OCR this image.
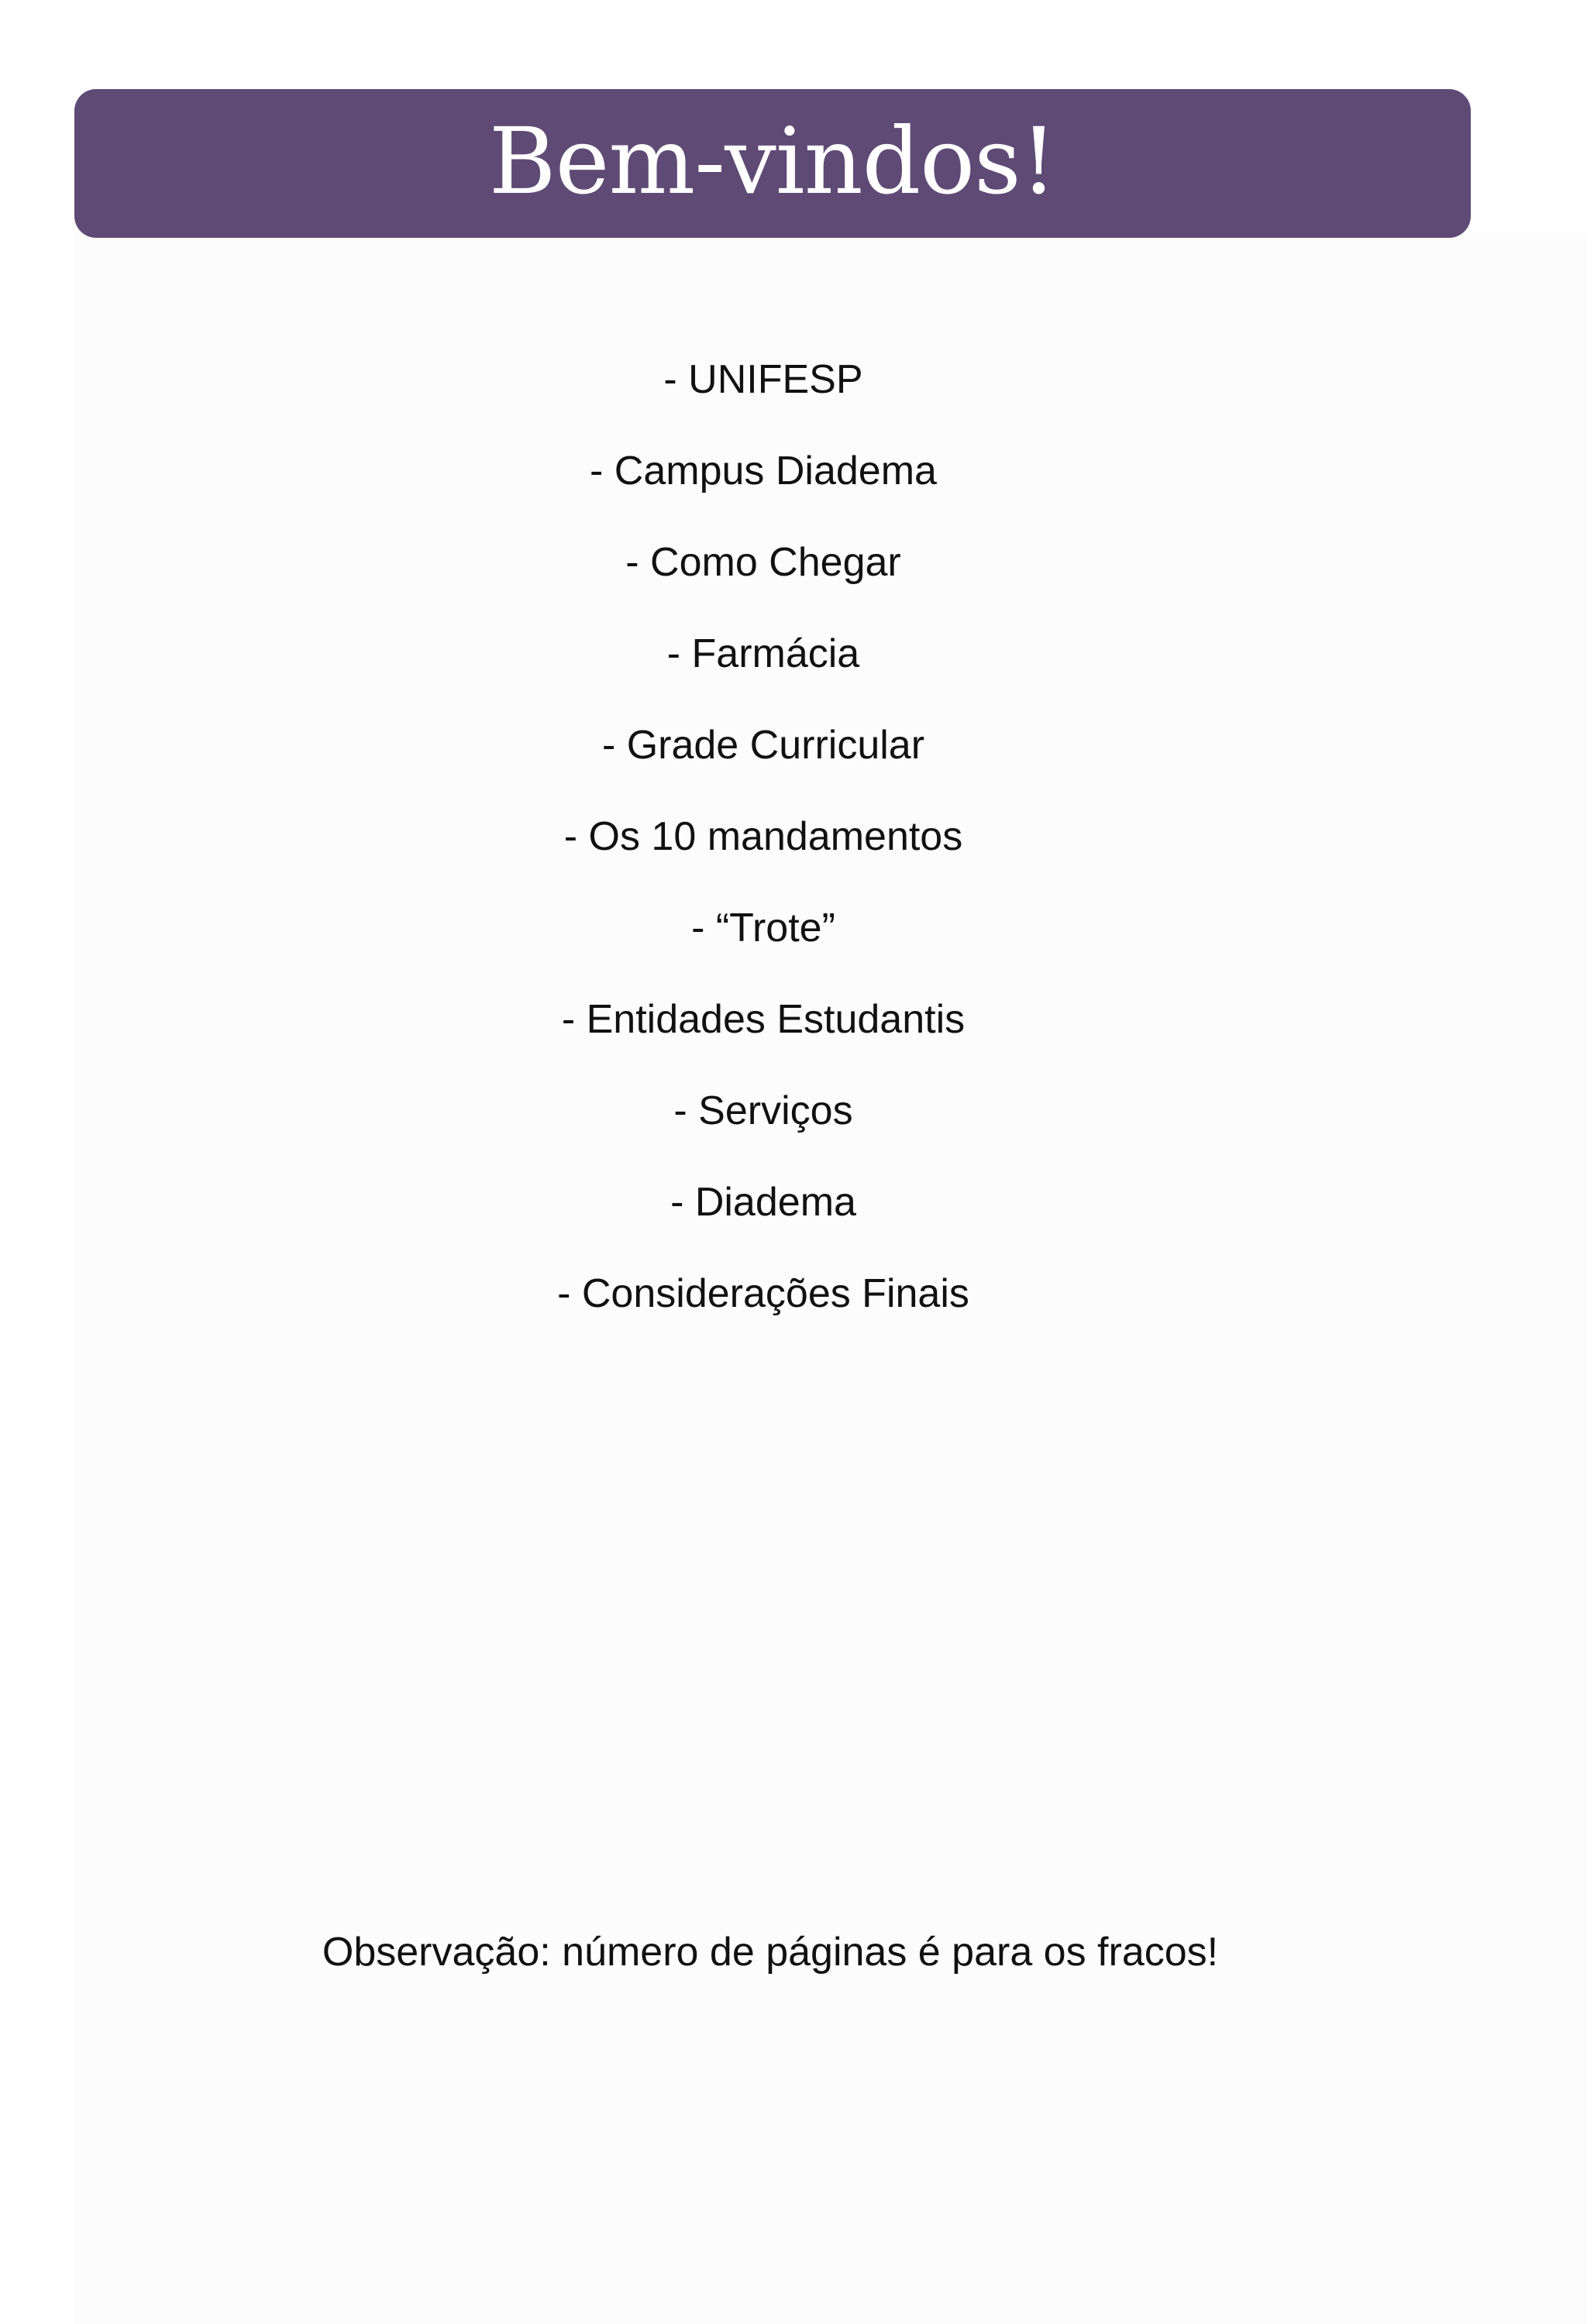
Bem-vindos!
- UNIFESP
- Campus Diadema
- Como Chegar
- Farmácia
- Grade Curricular
- Os 10 mandamentos
- “Trote”
- Entidades Estudantis
- Serviços
- Diadema
- Considerações Finais

Observação: número de páginas é para os fracos!
